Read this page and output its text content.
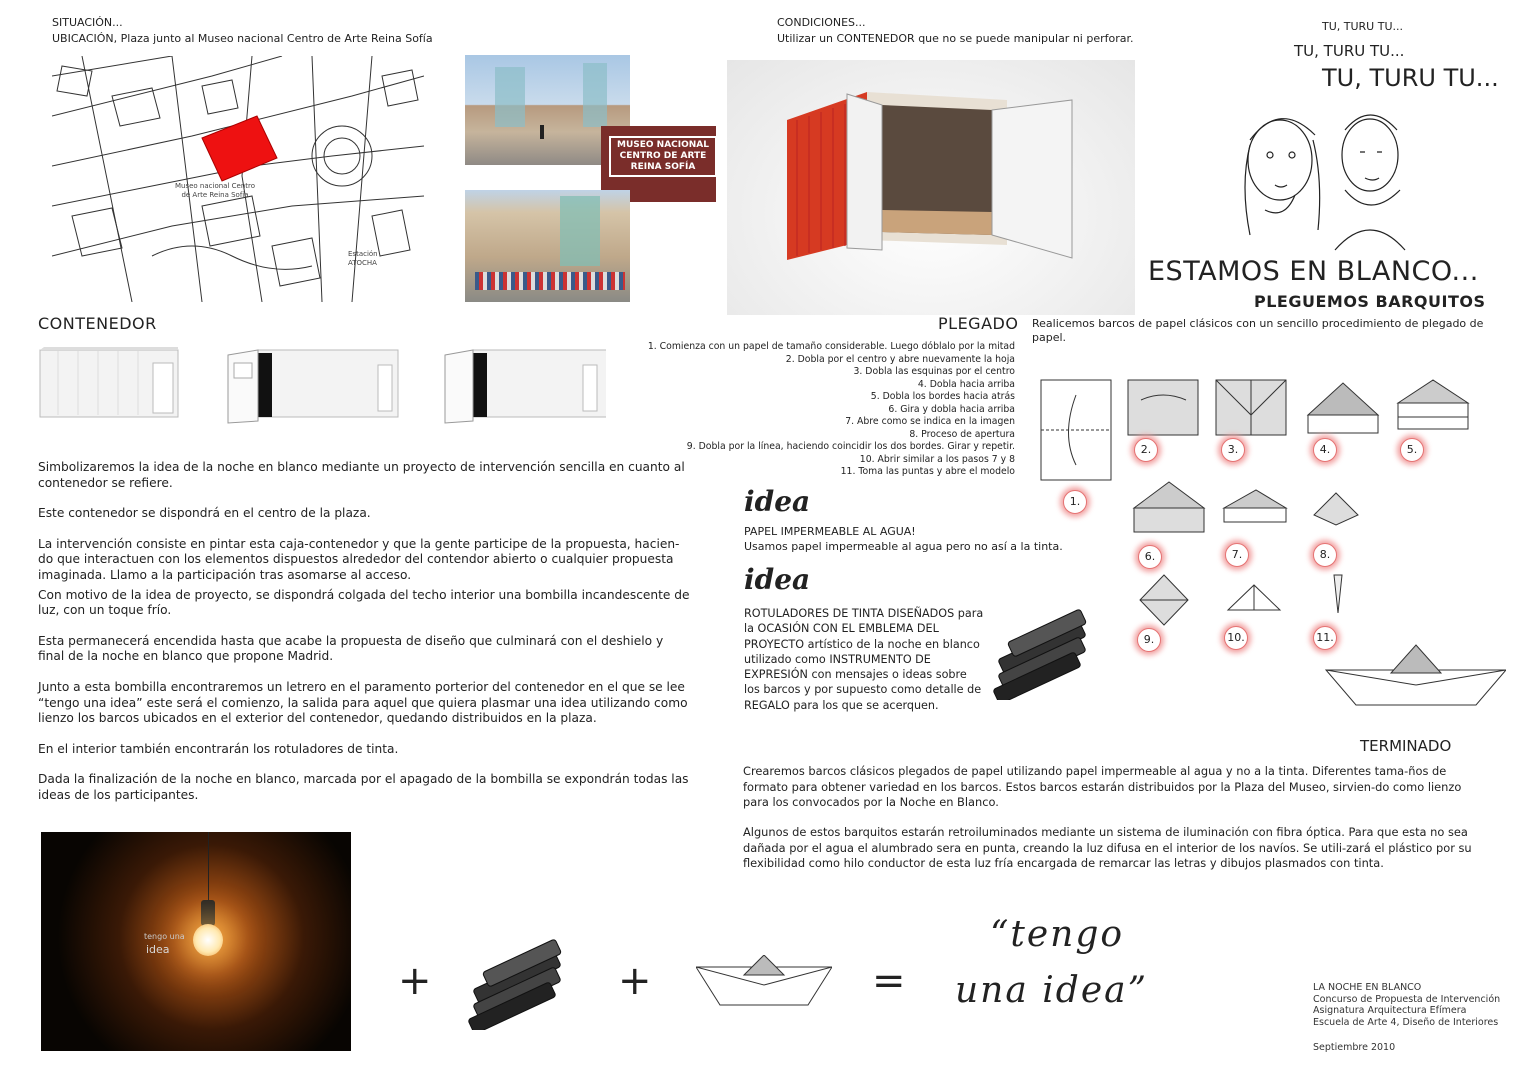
SITUACIÓN...
UBICACIÓN, Plaza junto al Museo nacional Centro de Arte Reina Sofía
Museo nacional Centro de Arte Reina Sofía
Estación ATOCHA
MUSEO NACIONAL CENTRO DE ARTE REINA SOFÍA
CONDICIONES...
Utilizar un CONTENEDOR que no se puede manipular ni perforar.
TU, TURU TU...
TU, TURU TU...
TU, TURU TU...
ESTAMOS EN BLANCO...
PLEGUEMOS BARQUITOS
CONTENEDOR

Simbolizaremos la idea de la noche en blanco mediante un proyecto de intervención sencilla en cuanto al contenedor se refiere.

Este contenedor se dispondrá en el centro de la plaza.

La intervención consiste en pintar esta caja-contenedor y que la gente participe de la propuesta, hacien-do que interactuen con los elementos dispuestos alrededor del contendor abierto o cualquier propuesta imaginada. Llamo a la participación tras asomarse al acceso.

Con motivo de la idea de proyecto, se dispondrá colgada del techo interior una bombilla incandescente de luz, con un toque frío.

Esta permanecerá encendida hasta que acabe la propuesta de diseño que culminará con el deshielo y final de la noche en blanco que propone Madrid.

Junto a esta bombilla encontraremos un letrero en el paramento porterior del contenedor en el que se lee “tengo una idea” este será el comienzo, la salida para aquel que quiera plasmar una idea utilizando como lienzo los barcos ubicados en el exterior del contenedor, quedando distribuidos en la plaza.

En el interior también encontrarán los rotuladores de tinta.

Dada la finalización de la noche en blanco, marcada por el apagado de la bombilla se expondrán todas las ideas de los participantes.

PLEGADO Realicemos barcos de papel clásicos con un sencillo procedimiento de plegado de papel.
1. Comienza con un papel de tamaño considerable. Luego dóblalo por la mitad
2. Dobla por el centro y abre nuevamente la hoja
3. Dobla las esquinas por el centro
4. Dobla hacia arriba
5. Dobla los bordes hacia atrás
6. Gira y dobla hacia arriba
7. Abre como se indica en la imagen
8. Proceso de apertura
9. Dobla por la línea, haciendo coincidir los dos bordes. Girar y repetir.
10. Abrir similar a los pasos 7 y 8
11. Toma las puntas y abre el modelo
1.
2.	3.	4.	5.
6.	7.	8.
9.	10.	11.
TERMINADO
idea
PAPEL IMPERMEABLE AL AGUA!
Usamos papel impermeable al agua pero no así a la tinta.
idea
ROTULADORES DE TINTA DISEÑADOS para la OCASIÓN CON EL EMBLEMA DEL PROYECTO artístico de la noche en blanco utilizado como INSTRUMENTO DE EXPRESIÓN con mensajes o ideas sobre los barcos y por supuesto como detalle de REGALO para los que se acerquen.
Crearemos barcos clásicos plegados de papel utilizando papel impermeable al agua y no a la tinta. Diferentes tama-ños de formato para obtener variedad en los barcos. Estos barcos estarán distribuidos por la Plaza del Museo, sirvien-do como lienzo para los convocados por la Noche en Blanco.
Algunos de estos barquitos estarán retroiluminados mediante un sistema de iluminación con fibra óptica. Para que esta no sea dañada por el agua el alumbrado sera en punta, creando la luz difusa en el interior de los navíos. Se utili-zará el plástico por su flexibilidad como hilo conductor de esta luz fría encargada de remarcar las letras y dibujos plasmados con tinta.
tengo una
idea
+	+	=
“tengo
una idea”	LA NOCHE EN BLANCO
Concurso de Propuesta de Intervención
Asignatura Arquitectura Efímera
Escuela de Arte 4, Diseño de Interiores
Septiembre 2010
